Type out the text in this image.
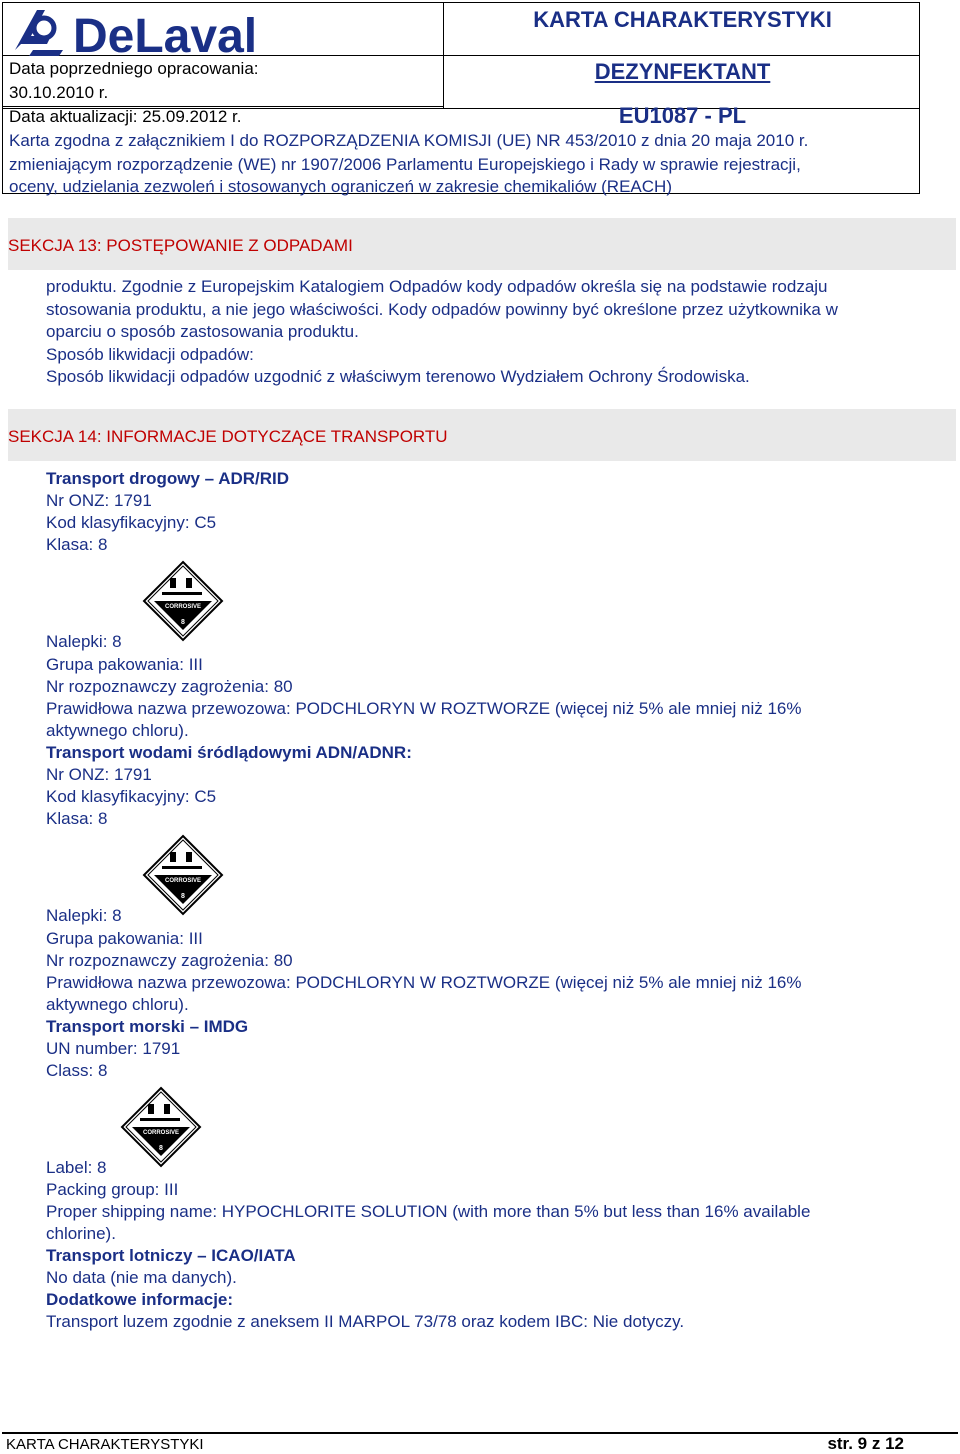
DeLaval
Data poprzedniego opracowania:
30.10.2010 r.
Data aktualizacji: 25.09.2012 r.
KARTA CHARAKTERYSTYKI
DEZYNFEKTANT
EU1087 - PL
Karta zgodna z załącznikiem I do ROZPORZĄDZENIA KOMISJI (UE) NR 453/2010 z dnia 20 maja 2010 r.
zmieniającym rozporządzenie (WE) nr 1907/2006 Parlamentu Europejskiego i Rady w sprawie rejestracji,
oceny, udzielania zezwoleń i stosowanych ograniczeń w zakresie chemikaliów (REACH)
SEKCJA 13: POSTĘPOWANIE Z ODPADAMI
produktu. Zgodnie z Europejskim Katalogiem Odpadów kody odpadów określa się na podstawie rodzaju
stosowania produktu, a nie jego właściwości. Kody odpadów powinny być określone przez użytkownika w
oparciu o sposób zastosowania produktu.
Sposób likwidacji odpadów:
Sposób likwidacji odpadów uzgodnić z właściwym terenowo Wydziałem Ochrony Środowiska.
SEKCJA 14: INFORMACJE DOTYCZĄCE TRANSPORTU
Transport drogowy – ADR/RID
Nr ONZ: 1791
Kod klasyfikacyjny: C5
Klasa: 8
CORROSIVE
8
Nalepki: 8
Grupa pakowania: III
Nr rozpoznawczy zagrożenia: 80
Prawidłowa nazwa przewozowa: PODCHLORYN W ROZTWORZE (więcej niż 5% ale mniej niż 16%
aktywnego chloru).
Transport wodami śródlądowymi ADN/ADNR:
Nr ONZ: 1791
Kod klasyfikacyjny: C5
Klasa: 8
CORROSIVE
8
Nalepki: 8
Grupa pakowania: III
Nr rozpoznawczy zagrożenia: 80
Prawidłowa nazwa przewozowa: PODCHLORYN W ROZTWORZE (więcej niż 5% ale mniej niż 16%
aktywnego chloru).
Transport morski – IMDG
UN number: 1791
Class: 8
CORROSIVE
8
Label: 8
Packing group: III
Proper shipping name: HYPOCHLORITE SOLUTION (with more than 5% but less than 16% available
chlorine).
Transport lotniczy – ICAO/IATA
No data (nie ma danych).
Dodatkowe informacje:
Transport luzem zgodnie z aneksem II MARPOL 73/78 oraz kodem IBC: Nie dotyczy.
KARTA CHARAKTERYSTYKI	str. 9 z 12
